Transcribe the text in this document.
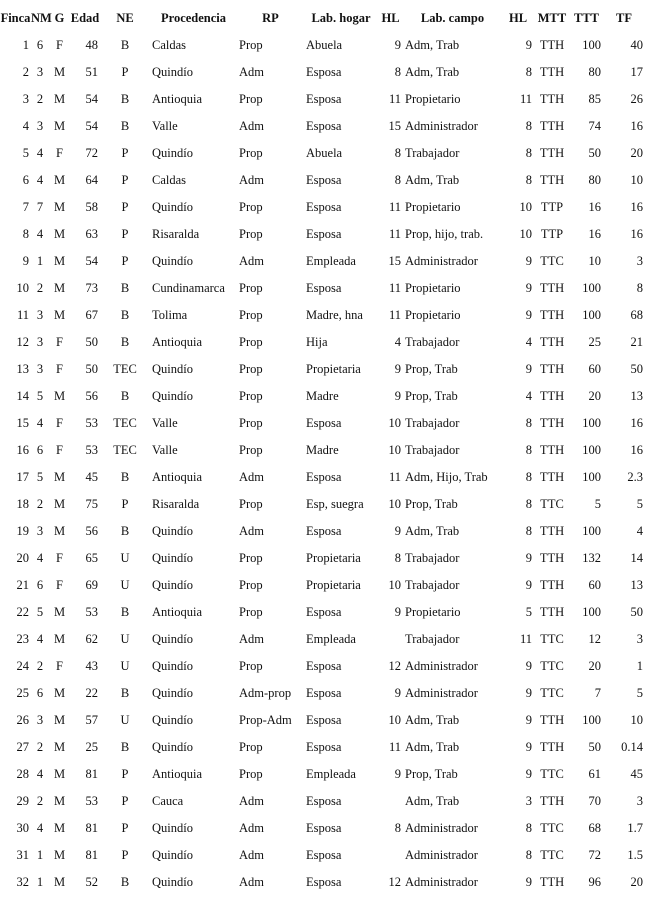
Finca	NM	G	Edad	NE	Procedencia	RP	Lab. hogar	HL	Lab. campo	HL	MTT	TTT	TF
1	6	F	48	B	Caldas	Prop	Abuela	9	Adm, Trab	9	TTH	100	40
2	3	M	51	P	Quindío	Adm	Esposa	8	Adm, Trab	8	TTH	80	17
3	2	M	54	B	Antioquia	Prop	Esposa	11	Propietario	11	TTH	85	26
4	3	M	54	B	Valle	Adm	Esposa	15	Administrador	8	TTH	74	16
5	4	F	72	P	Quindío	Prop	Abuela	8	Trabajador	8	TTH	50	20
6	4	M	64	P	Caldas	Adm	Esposa	8	Adm, Trab	8	TTH	80	10
7	7	M	58	P	Quindío	Prop	Esposa	11	Propietario	10	TTP	16	16
8	4	M	63	P	Risaralda	Prop	Esposa	11	Prop, hijo, trab.	10	TTP	16	16
9	1	M	54	P	Quindío	Adm	Empleada	15	Administrador	9	TTC	10	3
10	2	M	73	B	Cundinamarca	Prop	Esposa	11	Propietario	9	TTH	100	8
11	3	M	67	B	Tolima	Prop	Madre, hna	11	Propietario	9	TTH	100	68
12	3	F	50	B	Antioquia	Prop	Hija	4	Trabajador	4	TTH	25	21
13	3	F	50	TEC	Quindío	Prop	Propietaria	9	Prop, Trab	9	TTH	60	50
14	5	M	56	B	Quindío	Prop	Madre	9	Prop, Trab	4	TTH	20	13
15	4	F	53	TEC	Valle	Prop	Esposa	10	Trabajador	8	TTH	100	16
16	6	F	53	TEC	Valle	Prop	Madre	10	Trabajador	8	TTH	100	16
17	5	M	45	B	Antioquia	Adm	Esposa	11	Adm, Hijo, Trab	8	TTH	100	2.3
18	2	M	75	P	Risaralda	Prop	Esp, suegra	10	Prop, Trab	8	TTC	5	5
19	3	M	56	B	Quindío	Adm	Esposa	9	Adm, Trab	8	TTH	100	4
20	4	F	65	U	Quindío	Prop	Propietaria	8	Trabajador	9	TTH	132	14
21	6	F	69	U	Quindío	Prop	Propietaria	10	Trabajador	9	TTH	60	13
22	5	M	53	B	Antioquia	Prop	Esposa	9	Propietario	5	TTH	100	50
23	4	M	62	U	Quindío	Adm	Empleada		Trabajador	11	TTC	12	3
24	2	F	43	U	Quindío	Prop	Esposa	12	Administrador	9	TTC	20	1
25	6	M	22	B	Quindío	Adm-prop	Esposa	9	Administrador	9	TTC	7	5
26	3	M	57	U	Quindío	Prop-Adm	Esposa	10	Adm, Trab	9	TTH	100	10
27	2	M	25	B	Quindío	Prop	Esposa	11	Adm, Trab	9	TTH	50	0.14
28	4	M	81	P	Antioquia	Prop	Empleada	9	Prop, Trab	9	TTC	61	45
29	2	M	53	P	Cauca	Adm	Esposa		Adm, Trab	3	TTH	70	3
30	4	M	81	P	Quindío	Adm	Esposa	8	Administrador	8	TTC	68	1.7
31	1	M	81	P	Quindío	Adm	Esposa		Administrador	8	TTC	72	1.5
32	1	M	52	B	Quindío	Adm	Esposa	12	Administrador	9	TTH	96	20
